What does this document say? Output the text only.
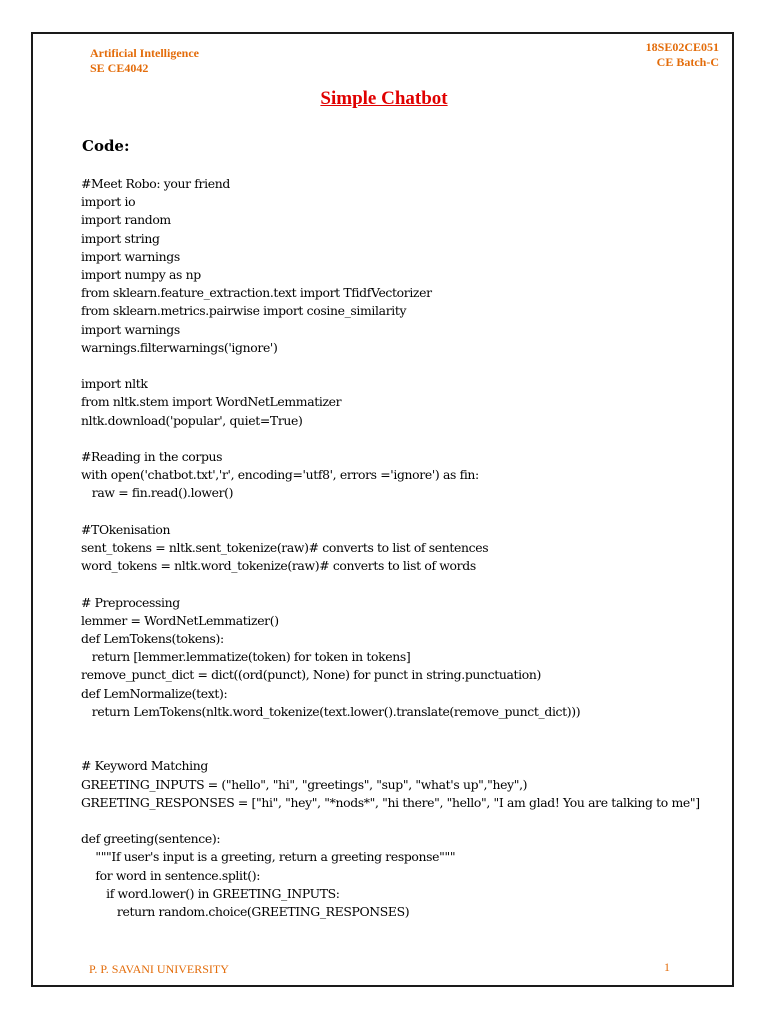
Artificial Intelligence
SE CE4042
18SE02CE051
CE Batch-C
Simple Chatbot
Code:
#Meet Robo: your friend
import io
import random
import string
import warnings
import numpy as np
from sklearn.feature_extraction.text import TfidfVectorizer
from sklearn.metrics.pairwise import cosine_similarity
import warnings
warnings.filterwarnings('ignore')
import nltk
from nltk.stem import WordNetLemmatizer
nltk.download('popular', quiet=True)
#Reading in the corpus
with open('chatbot.txt','r', encoding='utf8', errors ='ignore') as fin:
raw = fin.read().lower()
#TOkenisation
sent_tokens = nltk.sent_tokenize(raw)# converts to list of sentences
word_tokens = nltk.word_tokenize(raw)# converts to list of words
# Preprocessing
lemmer = WordNetLemmatizer()
def LemTokens(tokens):
return [lemmer.lemmatize(token) for token in tokens]
remove_punct_dict = dict((ord(punct), None) for punct in string.punctuation)
def LemNormalize(text):
return LemTokens(nltk.word_tokenize(text.lower().translate(remove_punct_dict)))
# Keyword Matching
GREETING_INPUTS = ("hello", "hi", "greetings", "sup", "what's up","hey",)
GREETING_RESPONSES = ["hi", "hey", "*nods*", "hi there", "hello", "I am glad! You are talking to me"]
def greeting(sentence):
"""If user's input is a greeting, return a greeting response"""
for word in sentence.split():
if word.lower() in GREETING_INPUTS:
return random.choice(GREETING_RESPONSES)
P. P. SAVANI UNIVERSITY	1
